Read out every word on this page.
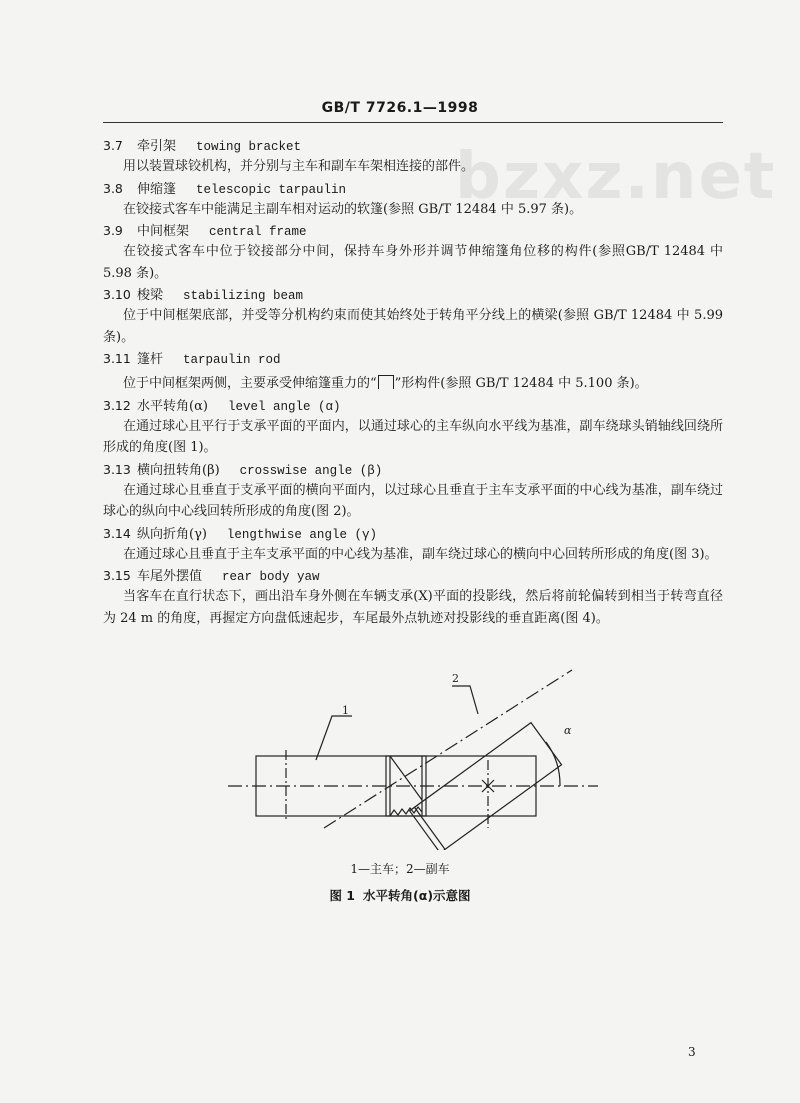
GB/T 7726.1—1998
bzxz.net
3.7	牵引架 towing bracket

用以装置球铰机构，并分别与主车和副车车架相连接的部件。

3.8	伸缩篷 telescopic tarpaulin

在铰接式客车中能满足主副车相对运动的软篷(参照 GB/T 12484 中 5.97 条)。

3.9	中间框架 central frame

在铰接式客车中位于铰接部分中间，保持车身外形并调节伸缩篷角位移的构件(参照GB/T 12484 中 5.98 条)。

3.10 梭梁 stabilizing beam

位于中间框架底部，并受等分机构约束而使其始终处于转角平分线上的横梁(参照 GB/T 12484 中 5.99 条)。

3.11 篷杆 tarpaulin rod

位于中间框架两侧，主要承受伸缩篷重力的“ ”形构件(参照 GB/T 12484 中 5.100 条)。

3.12 水平转角(α) level angle (α)

在通过球心且平行于支承平面的平面内，以通过球心的主车纵向水平线为基准，副车绕球头销轴线回绕所形成的角度(图 1)。

3.13 横向扭转角(β) crosswise angle (β)

在通过球心且垂直于支承平面的横向平面内，以过球心且垂直于主车支承平面的中心线为基准，副车绕过球心的纵向中心线回转所形成的角度(图 2)。

3.14 纵向折角(γ) lengthwise angle (γ)

在通过球心且垂直于主车支承平面的中心线为基准，副车绕过球心的横向中心回转所形成的角度(图 3)。

3.15 车尾外摆值 rear body yaw

当客车在直行状态下，画出沿车身外侧在车辆支承(X)平面的投影线，然后将前轮偏转到相当于转弯直径为 24 m 的角度，再握定方向盘低速起步，车尾最外点轨迹对投影线的垂直距离(图 4)。

1
2
α
1—主车；2—副车
图 1 水平转角(α)示意图
3
